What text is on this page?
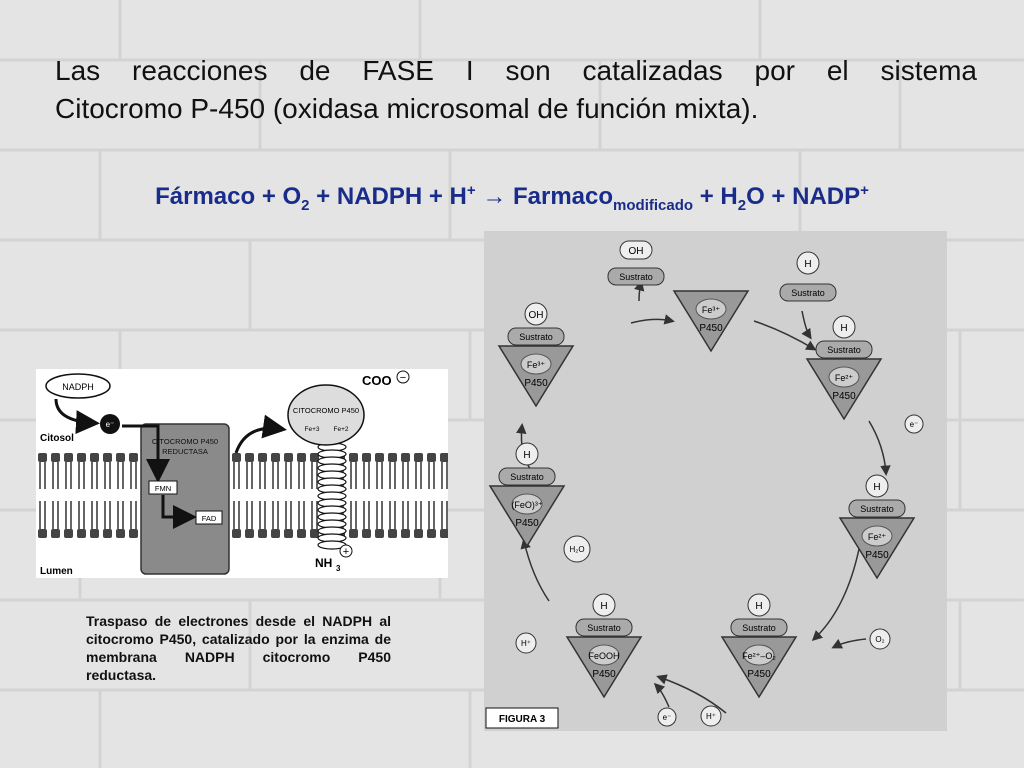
Las reacciones de FASE I son catalizadas por el sistema
Citocromo P-450 (oxidasa microsomal de función mixta).
Fármaco + $O_2$ + NADPH + H+ → Farmaco$_{modificado}$ + $H_2O$ + NADP+
CITOCROMO P450
REDUCTASA
NADPH
e⁻
Citosol
Lumen
FMN
FAD
CITOCROMO P450
Fe+3 Fe+2
COO −
NH 3
+
Fe³⁺
P450
Fe²⁺
P450
Sustrato
H
Fe²⁺
P450
Sustrato
H
Fe²⁺–O₂
P450
Sustrato
H
FeOOH
P450
Sustrato
H
(FeO)³⁺
P450
Sustrato
H
Fe³⁺
P450
Sustrato
OH
Sustrato
OH
Sustrato
H
e⁻
O₂
e⁻	H⁺
H⁺
H₂O
FIGURA 3
Traspaso de electrones desde el NADPH al citocromo P450, catalizado por la enzima de membrana NADPH citocromo P450 reductasa.
